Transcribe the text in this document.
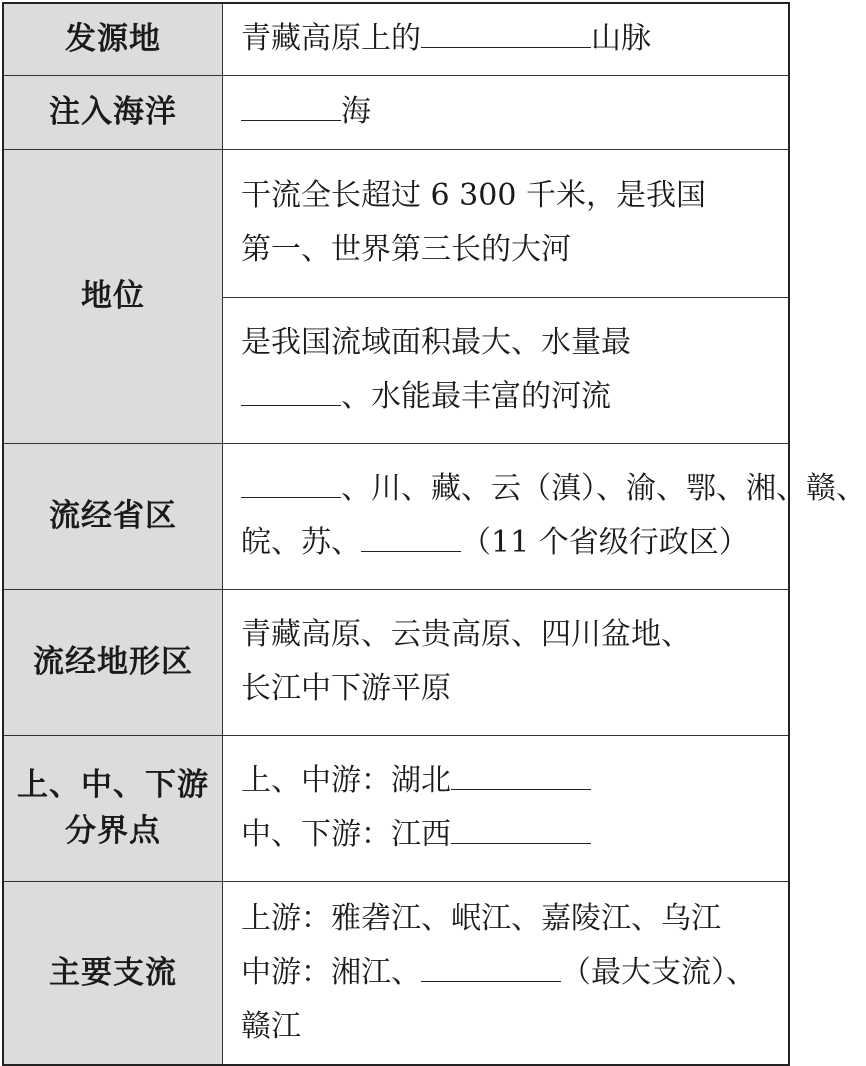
发源地	青藏高原上的 山脉
注入海洋	海
地位	干流全长超过 6 300 千米，是我国
第一、世界第三长的大河

	是我国流域面积最大、水量最
、水能最丰富的河流

流经省区	、川、藏、云（滇）、渝、鄂、湘、赣、
皖、苏、 （11 个省级行政区）

流经地形区	青藏高原、云贵高原、四川盆地、
长江中下游平原

上、中、下游
分界点	上、中游：湖北
中、下游：江西

主要支流	上游：雅砻江、岷江、嘉陵江、乌江
中游：湘江、 （最大支流）、
赣江
